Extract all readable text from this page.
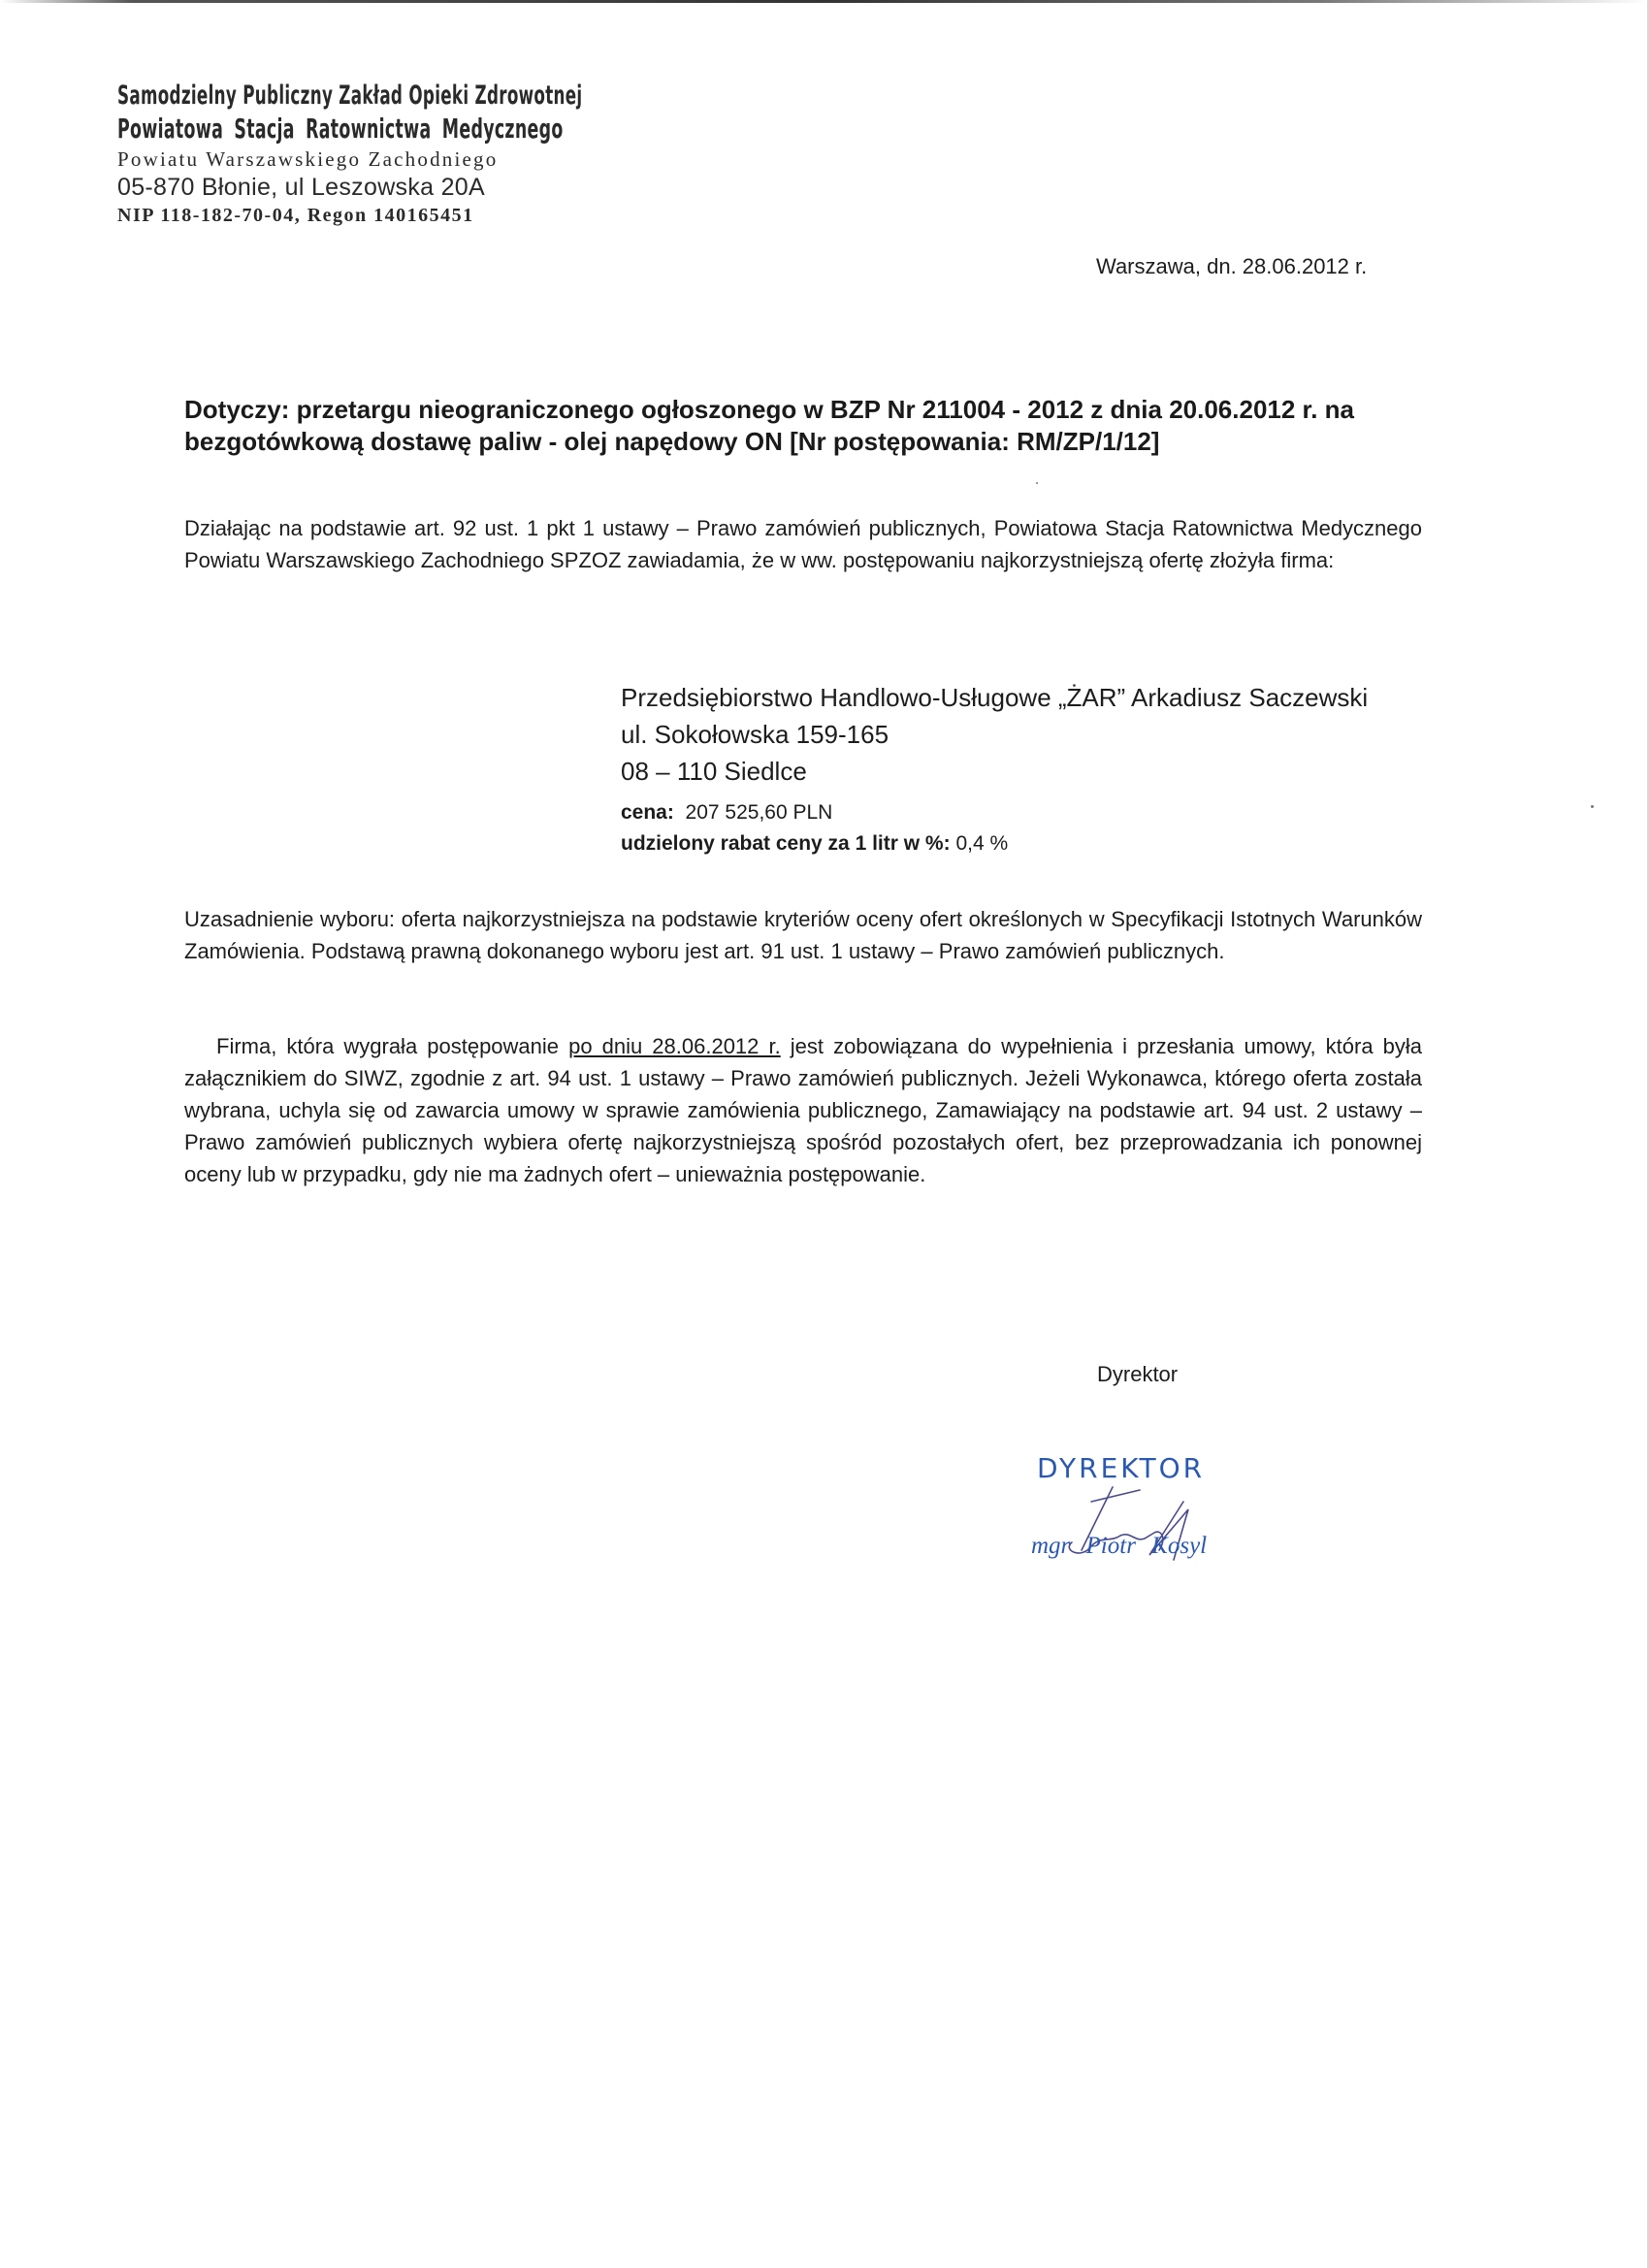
Samodzielny Publiczny Zakład Opieki Zdrowotnej
Powiatowa Stacja Ratownictwa Medycznego
Powiatu Warszawskiego Zachodniego
05-870 Błonie, ul Leszowska 20A
NIP 118-182-70-04, Regon 140165451
Warszawa, dn. 28.06.2012 r.
Dotyczy: przetargu nieograniczonego ogłoszonego w BZP Nr 211004 - 2012 z dnia 20.06.2012 r. na
bezgotówkową dostawę paliw - olej napędowy ON [Nr postępowania: RM/ZP/1/12]
Działając na podstawie art. 92 ust. 1 pkt 1 ustawy – Prawo zamówień publicznych, Powiatowa Stacja Ratownictwa Medycznego Powiatu Warszawskiego Zachodniego SPZOZ zawiadamia, że w ww. postępowaniu najkorzystniejszą ofertę złożyła firma:
Przedsiębiorstwo Handlowo-Usługowe „ŻAR” Arkadiusz Saczewski
ul. Sokołowska 159-165
08 – 110 Siedlce
cena: 207 525,60 PLN
udzielony rabat ceny za 1 litr w %: 0,4 %
Uzasadnienie wyboru: oferta najkorzystniejsza na podstawie kryteriów oceny ofert określonych w Specyfikacji Istotnych Warunków Zamówienia. Podstawą prawną dokonanego wyboru jest art. 91 ust. 1 ustawy – Prawo zamówień publicznych.
Firma, która wygrała postępowanie po dniu 28.06.2012 r. jest zobowiązana do wypełnienia i przesłania umowy, która była załącznikiem do SIWZ, zgodnie z art. 94 ust. 1 ustawy – Prawo zamówień publicznych. Jeżeli Wykonawca, którego oferta została wybrana, uchyla się od zawarcia umowy w sprawie zamówienia publicznego, Zamawiający na podstawie art. 94 ust. 2 ustawy – Prawo zamówień publicznych wybiera ofertę najkorzystniejszą spośród pozostałych ofert, bez przeprowadzania ich ponownej oceny lub w przypadku, gdy nie ma żadnych ofert – unieważnia postępowanie.
Dyrektor
DYREKTOR
mgr Piotr Kosyl
